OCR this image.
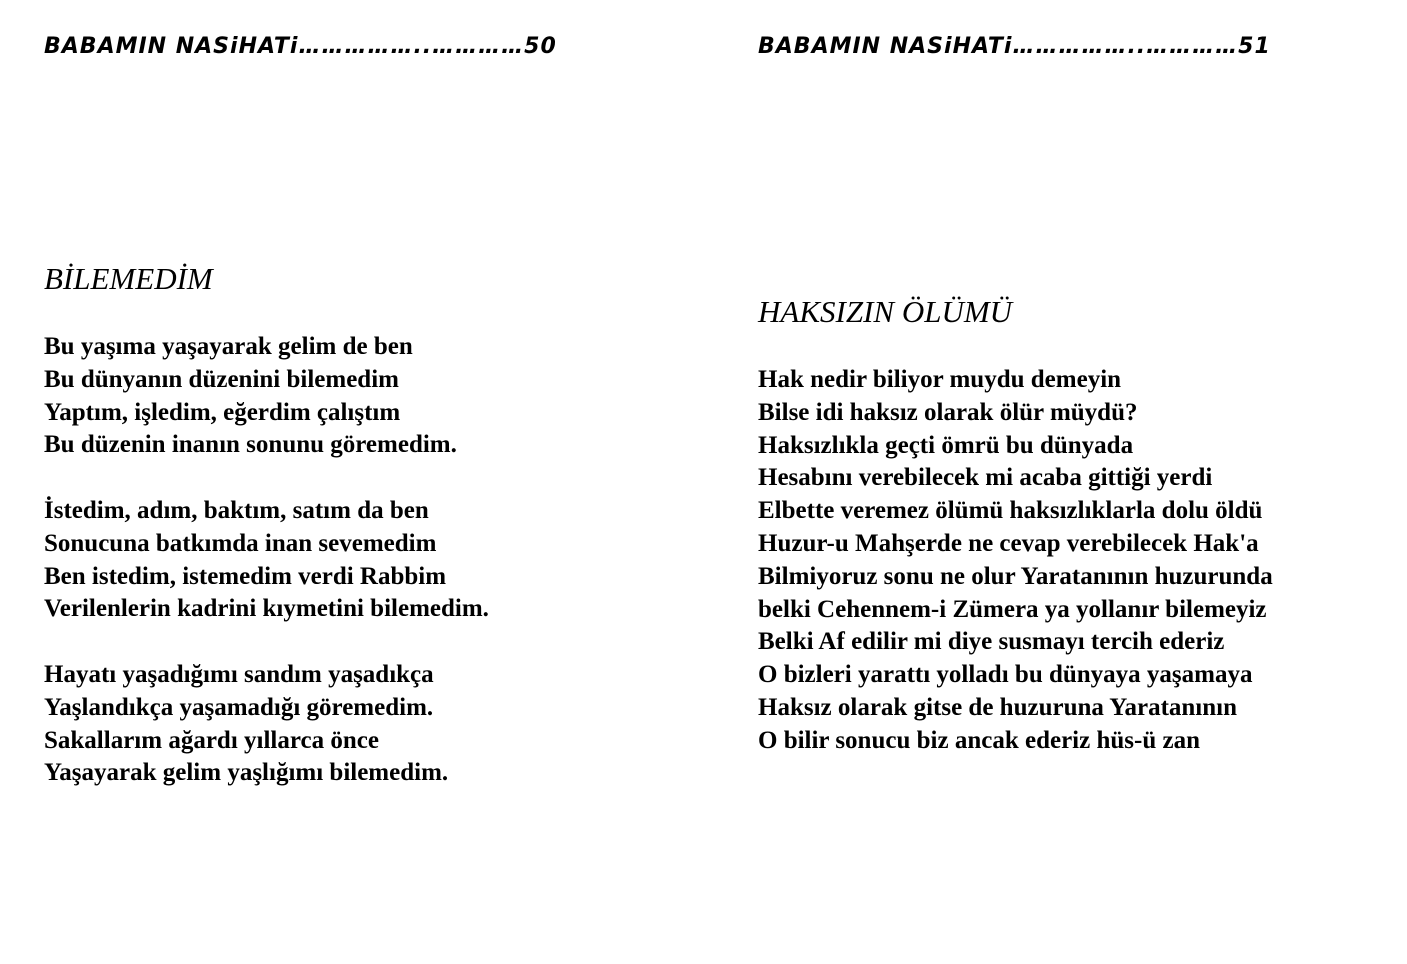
BABAMIN NASiHATi……………..…………50
BİLEMEDİM
Bu yaşıma yaşayarak gelim de ben
Bu dünyanın düzenini bilemedim
Yaptım, işledim, eğerdim çalıştım
Bu düzenin inanın sonunu göremedim.
İstedim, adım, baktım, satım da ben
Sonucuna batkımda inan sevemedim
Ben istedim, istemedim verdi Rabbim
Verilenlerin kadrini kıymetini bilemedim.
Hayatı yaşadığımı sandım yaşadıkça
Yaşlandıkça yaşamadığı göremedim.
Sakallarım ağardı yıllarca önce
Yaşayarak gelim yaşlığımı bilemedim.
BABAMIN NASiHATi……………..…………51
HAKSIZIN ÖLÜMÜ
Hak nedir biliyor muydu demeyin
Bilse idi haksız olarak ölür müydü?
Haksızlıkla geçti ömrü bu dünyada
Hesabını verebilecek mi acaba gittiği yerdi
Elbette veremez ölümü haksızlıklarla dolu öldü
Huzur-u Mahşerde ne cevap verebilecek Hak'a
Bilmiyoruz sonu ne olur Yaratanının huzurunda
belki Cehennem-i Zümera ya yollanır bilemeyiz
Belki Af edilir mi diye susmayı tercih ederiz
O bizleri yarattı yolladı bu dünyaya yaşamaya
Haksız olarak gitse de huzuruna Yaratanının
O bilir sonucu biz ancak ederiz hüs-ü zan
